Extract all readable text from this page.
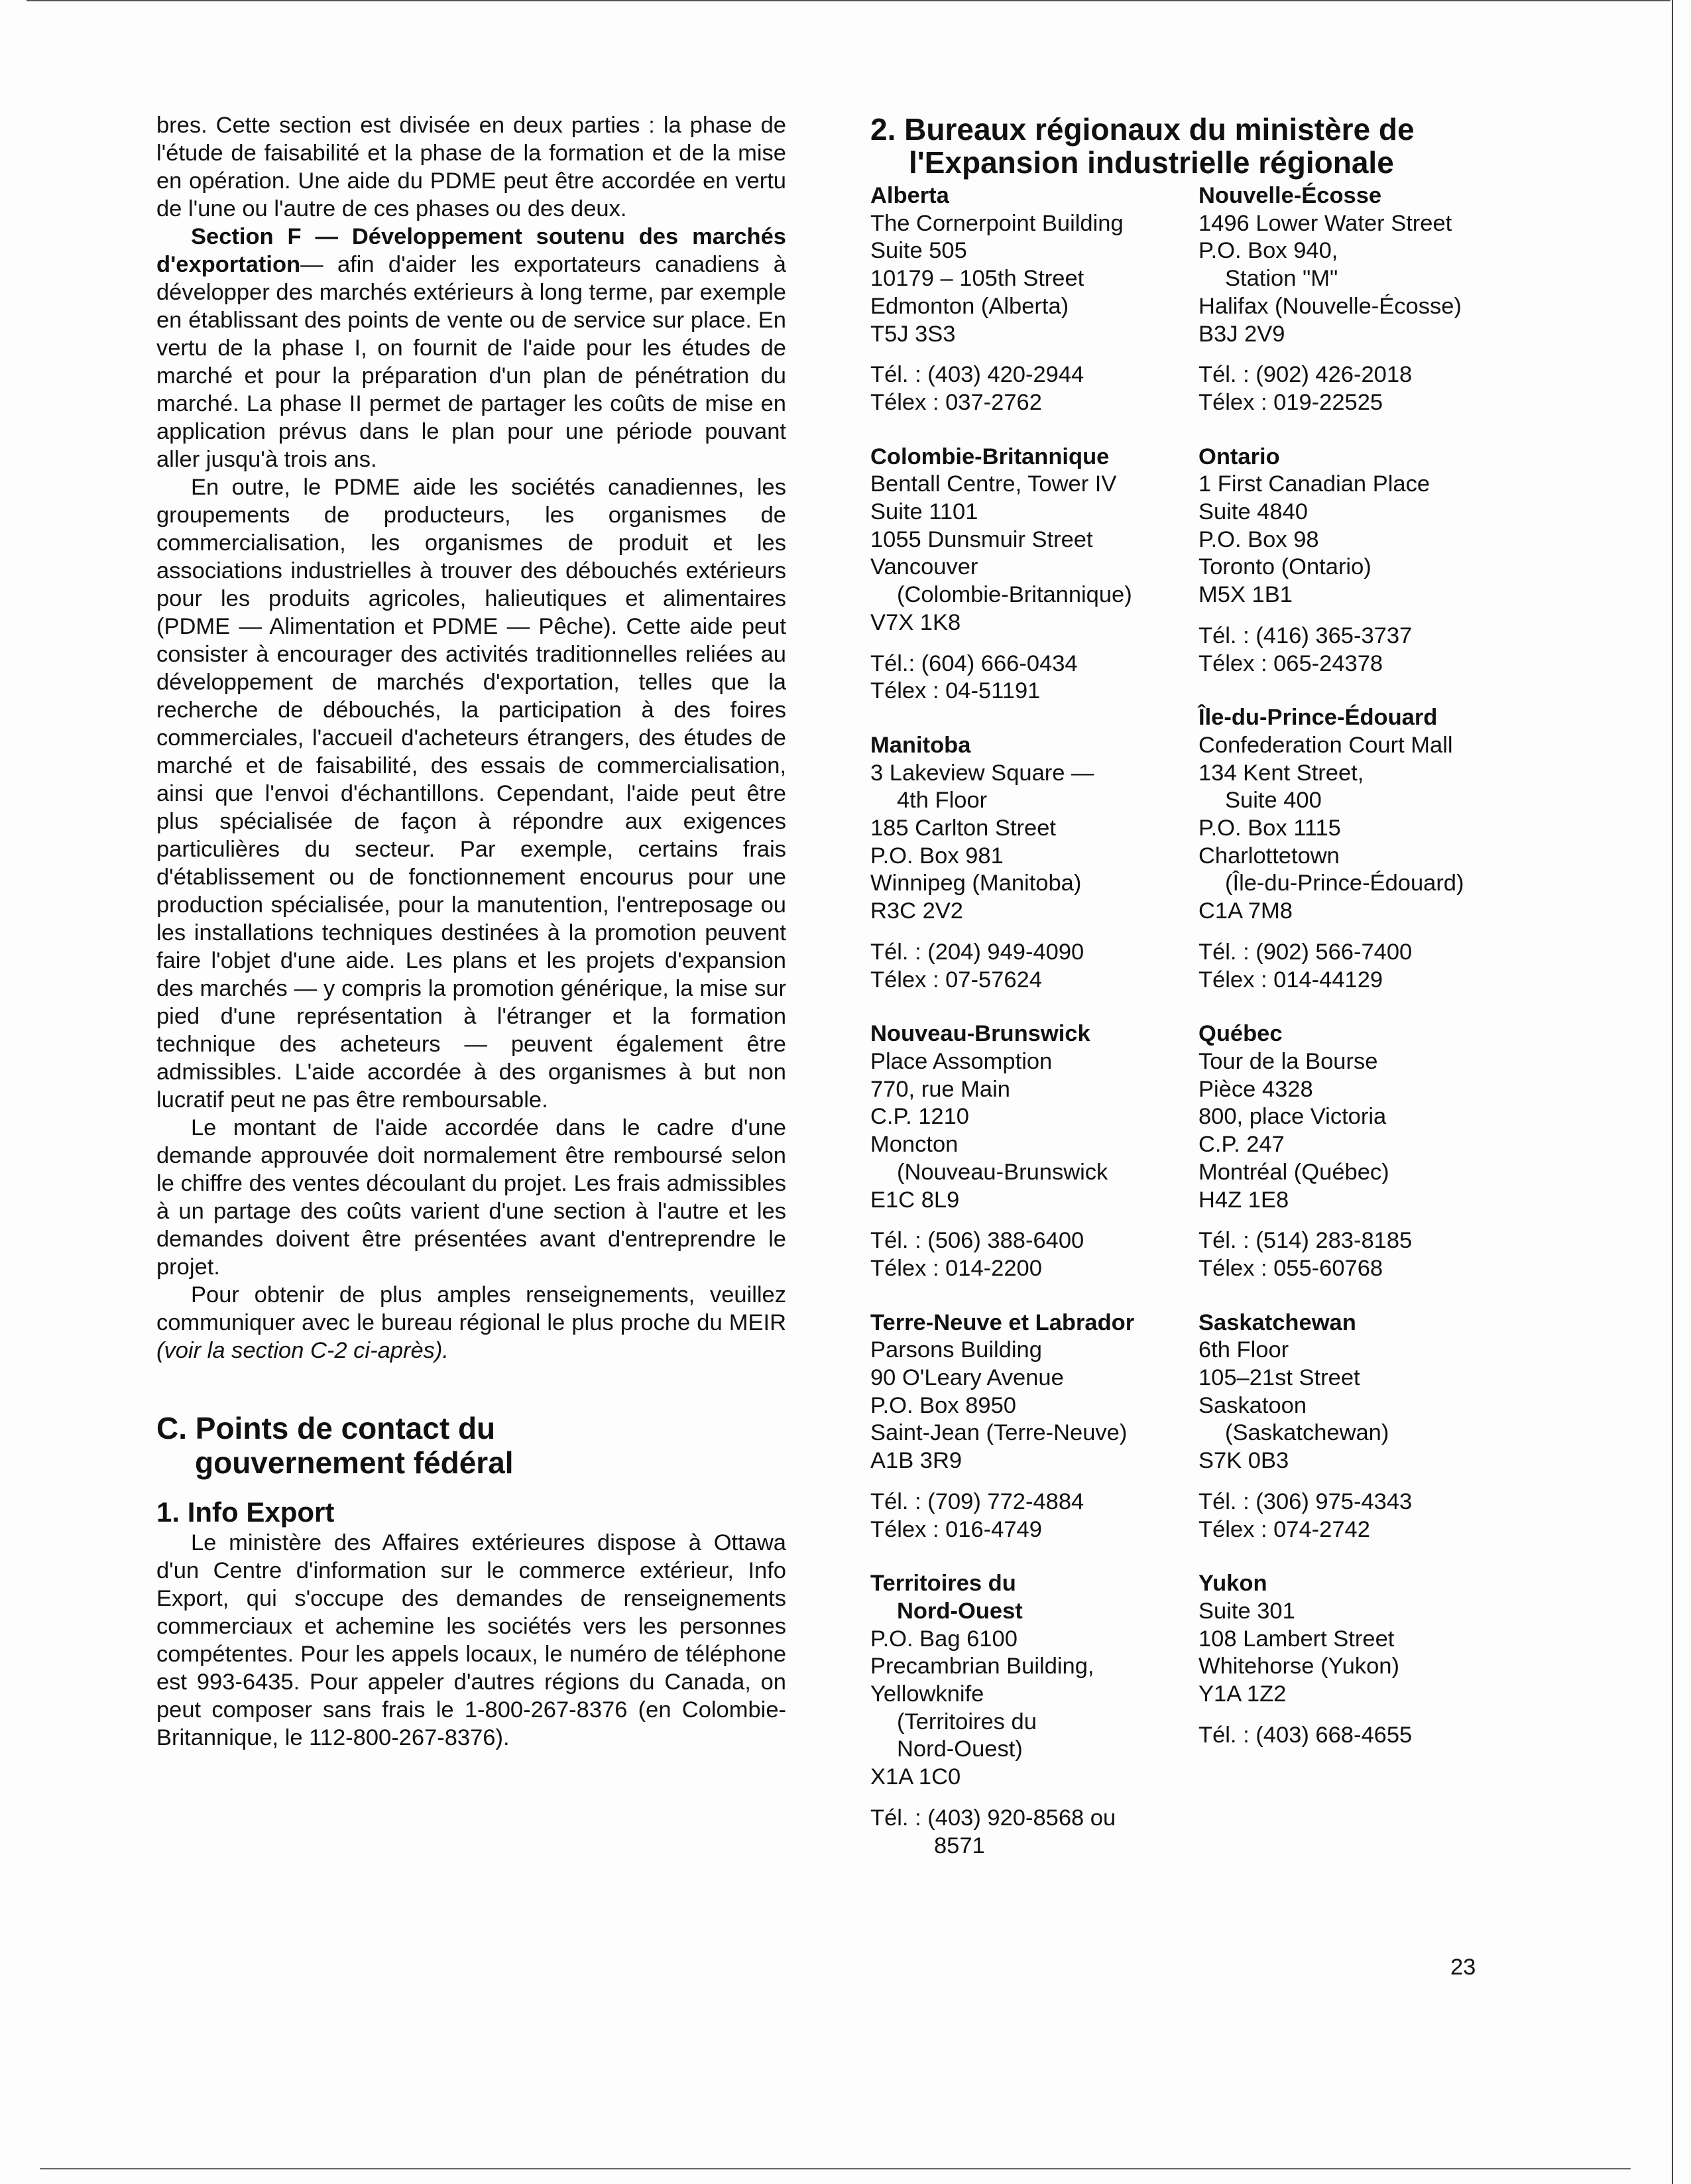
bres. Cette section est divisée en deux parties : la phase de l'étude de faisabilité et la phase de la formation et de la mise en opération. Une aide du PDME peut être accordée en vertu de l'une ou l'autre de ces phases ou des deux.

Section F — Développement soutenu des marchés d'exportation— afin d'aider les exportateurs canadiens à développer des marchés extérieurs à long terme, par exemple en établissant des points de vente ou de service sur place. En vertu de la phase I, on fournit de l'aide pour les études de marché et pour la préparation d'un plan de pénétration du marché. La phase II permet de partager les coûts de mise en application prévus dans le plan pour une période pouvant aller jusqu'à trois ans.

En outre, le PDME aide les sociétés canadiennes, les groupements de producteurs, les organismes de commercialisation, les organismes de produit et les associations industrielles à trouver des débouchés extérieurs pour les produits agricoles, halieutiques et alimentaires (PDME — Alimentation et PDME — Pêche). Cette aide peut consister à encourager des activités traditionnelles reliées au développement de marchés d'exportation, telles que la recherche de débouchés, la participation à des foires commerciales, l'accueil d'acheteurs étrangers, des études de marché et de faisabilité, des essais de commercialisation, ainsi que l'envoi d'échantillons. Cependant, l'aide peut être plus spécialisée de façon à répondre aux exigences particulières du secteur. Par exemple, certains frais d'établissement ou de fonctionnement encourus pour une production spécialisée, pour la manutention, l'entreposage ou les installations techniques destinées à la promotion peuvent faire l'objet d'une aide. Les plans et les projets d'expansion des marchés — y compris la promotion générique, la mise sur pied d'une représentation à l'étranger et la formation technique des acheteurs — peuvent également être admissibles. L'aide accordée à des organismes à but non lucratif peut ne pas être remboursable.

Le montant de l'aide accordée dans le cadre d'une demande approuvée doit normalement être remboursé selon le chiffre des ventes découlant du projet. Les frais admissibles à un partage des coûts varient d'une section à l'autre et les demandes doivent être présentées avant d'entreprendre le projet.

Pour obtenir de plus amples renseignements, veuillez communiquer avec le bureau régional le plus proche du MEIR (voir la section C-2 ci-après).

C. Points de contact du
gouvernement fédéral
1. Info Export

Le ministère des Affaires extérieures dispose à Ottawa d'un Centre d'information sur le commerce extérieur, Info Export, qui s'occupe des demandes de renseignements commerciaux et achemine les sociétés vers les personnes compétentes. Pour les appels locaux, le numéro de téléphone est 993-6435. Pour appeler d'autres régions du Canada, on peut composer sans frais le 1-800-267-8376 (en Colombie-Britannique, le 112-800-267-8376).

2. Bureaux régionaux du ministère de
l'Expansion industrielle régionale
Alberta
The Cornerpoint Building
Suite 505
10179 – 105th Street
Edmonton (Alberta)
T5J 3S3
Tél. : (403) 420-2944
Télex : 037-2762
Colombie-Britannique
Bentall Centre, Tower IV
Suite 1101
1055 Dunsmuir Street
Vancouver
(Colombie-Britannique)
V7X 1K8
Tél.: (604) 666-0434
Télex : 04-51191
Manitoba
3 Lakeview Square —
4th Floor
185 Carlton Street
P.O. Box 981
Winnipeg (Manitoba)
R3C 2V2
Tél. : (204) 949-4090
Télex : 07-57624
Nouveau-Brunswick
Place Assomption
770, rue Main
C.P. 1210
Moncton
(Nouveau-Brunswick
E1C 8L9
Tél. : (506) 388-6400
Télex : 014-2200
Terre-Neuve et Labrador
Parsons Building
90 O'Leary Avenue
P.O. Box 8950
Saint-Jean (Terre-Neuve)
A1B 3R9
Tél. : (709) 772-4884
Télex : 016-4749
Territoires du
Nord-Ouest
P.O. Bag 6100
Precambrian Building,
Yellowknife
(Territoires du
Nord-Ouest)
X1A 1C0
Tél. : (403) 920-8568 ou
8571
Nouvelle-Écosse
1496 Lower Water Street
P.O. Box 940,
Station "M"
Halifax (Nouvelle-Écosse)
B3J 2V9
Tél. : (902) 426-2018
Télex : 019-22525
Ontario
1 First Canadian Place
Suite 4840
P.O. Box 98
Toronto (Ontario)
M5X 1B1
Tél. : (416) 365-3737
Télex : 065-24378
Île-du-Prince-Édouard
Confederation Court Mall
134 Kent Street,
Suite 400
P.O. Box 1115
Charlottetown
(Île-du-Prince-Édouard)
C1A 7M8
Tél. : (902) 566-7400
Télex : 014-44129
Québec
Tour de la Bourse
Pièce 4328
800, place Victoria
C.P. 247
Montréal (Québec)
H4Z 1E8
Tél. : (514) 283-8185
Télex : 055-60768
Saskatchewan
6th Floor
105–21st Street
Saskatoon
(Saskatchewan)
S7K 0B3
Tél. : (306) 975-4343
Télex : 074-2742
Yukon
Suite 301
108 Lambert Street
Whitehorse (Yukon)
Y1A 1Z2
Tél. : (403) 668-4655
23
